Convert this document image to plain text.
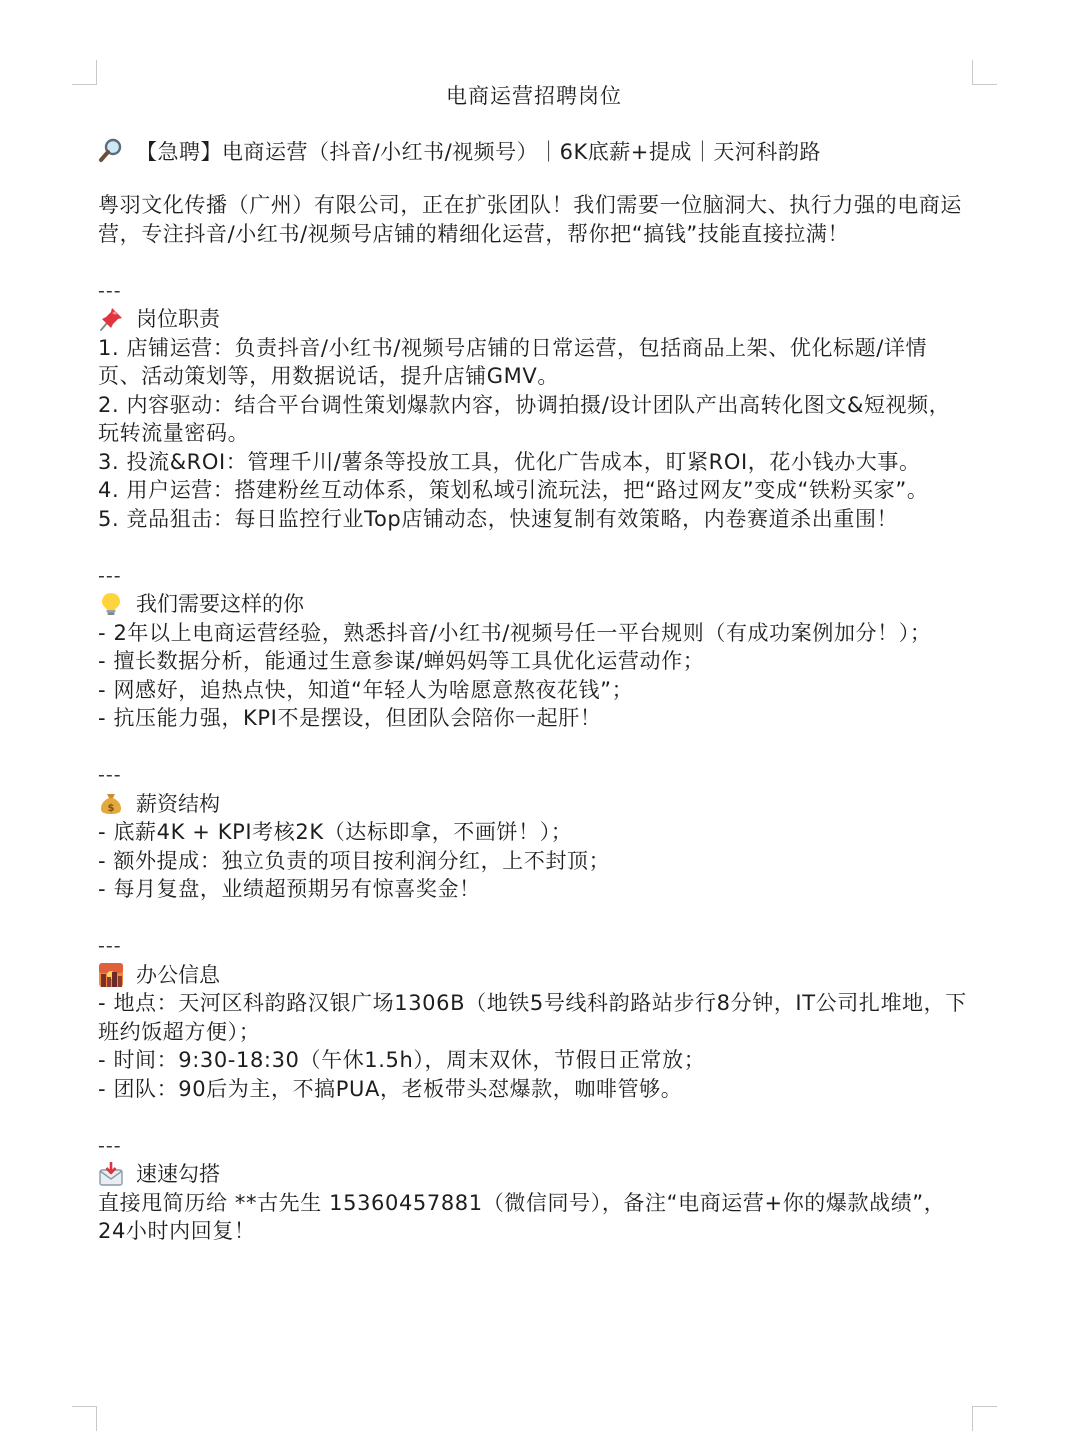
电商运营招聘岗位
【急聘】电商运营（抖音/小红书/视频号）｜6K底薪+提成｜天河科韵路

粤羽文化传播（广州）有限公司，正在扩张团队！我们需要一位脑洞大、执行力强的电商运营，专注抖音/小红书/视频号店铺的精细化运营，帮你把“搞钱”技能直接拉满！

---
岗位职责
1. 店铺运营：负责抖音/小红书/视频号店铺的日常运营，包括商品上架、优化标题/详情页、活动策划等，用数据说话，提升店铺GMV。
2. 内容驱动：结合平台调性策划爆款内容，协调拍摄/设计团队产出高转化图文&短视频，玩转流量密码。
3. 投流&ROI：管理千川/薯条等投放工具，优化广告成本，盯紧ROI，花小钱办大事。
4. 用户运营：搭建粉丝互动体系，策划私域引流玩法，把“路过网友”变成“铁粉买家”。
5. 竞品狙击：每日监控行业Top店铺动态，快速复制有效策略，内卷赛道杀出重围！
---
我们需要这样的你
- 2年以上电商运营经验，熟悉抖音/小红书/视频号任一平台规则（有成功案例加分！）；
- 擅长数据分析，能通过生意参谋/蝉妈妈等工具优化运营动作；
- 网感好，追热点快，知道“年轻人为啥愿意熬夜花钱”；
- 抗压能力强，KPI不是摆设，但团队会陪你一起肝！
---
$ 薪资结构
- 底薪4K + KPI考核2K（达标即拿，不画饼！）；
- 额外提成：独立负责的项目按利润分红，上不封顶；
- 每月复盘，业绩超预期另有惊喜奖金！
---
办公信息
- 地点：天河区科韵路汉银广场1306B（地铁5号线科韵路站步行8分钟，IT公司扎堆地，下班约饭超方便）；
- 时间：9:30-18:30（午休1.5h），周末双休，节假日正常放；
- 团队：90后为主，不搞PUA，老板带头怼爆款，咖啡管够。
---
速速勾搭
直接甩简历给 **古先生 15360457881（微信同号），备注“电商运营+你的爆款战绩”，24小时内回复！
